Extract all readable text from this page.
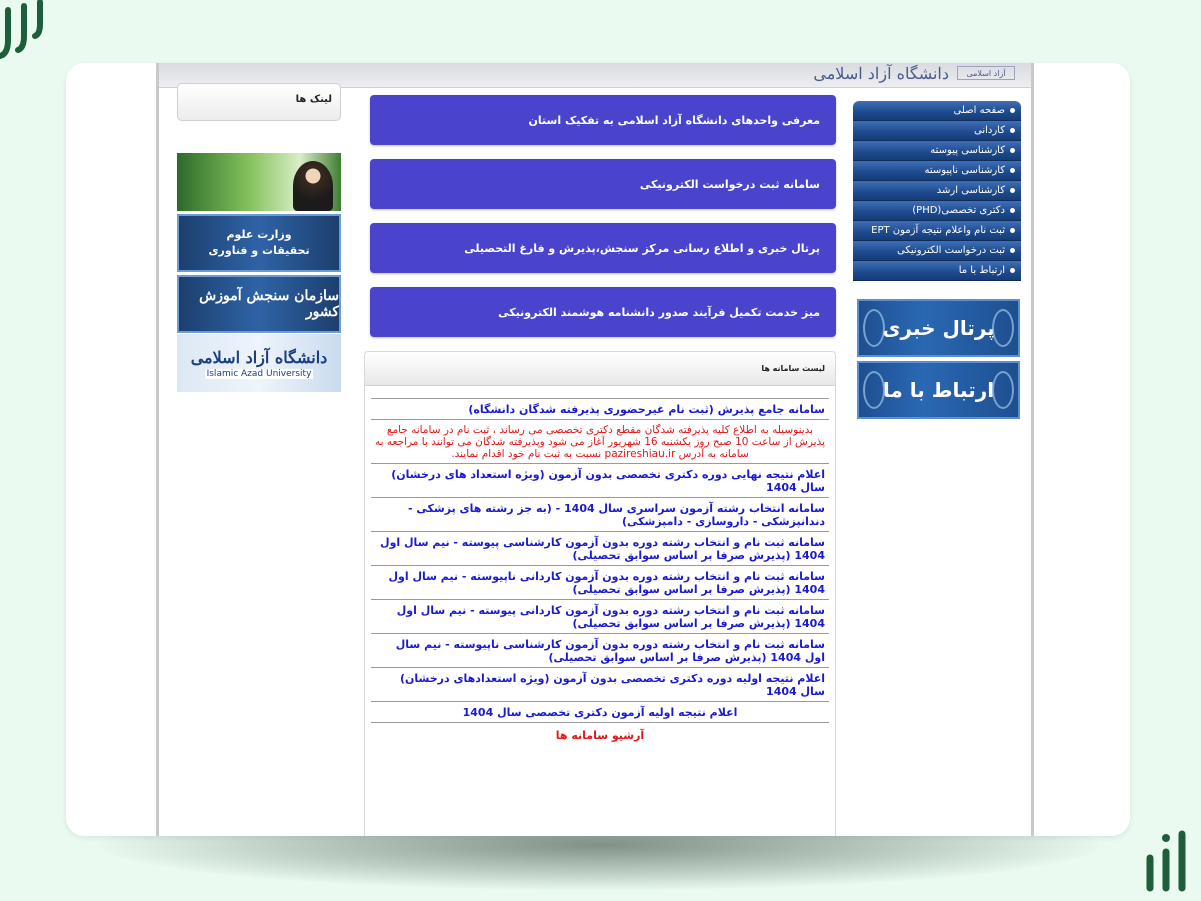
آزاد اسلامی
دانشگاه آزاد اسلامی
صفحه اصلی
کاردانی
کارشناسی پیوسته
کارشناسی ناپیوسته
کارشناسی ارشد
دکتری تخصصی(PHD)
ثبت نام واعلام نتیجه آزمون EPT
ثبت درخواست الکترونیکی
ارتباط با ما
پرتال خبری
ارتباط با ما
معرفی واحدهای دانشگاه آزاد اسلامی به تفکیک استان
سامانه ثبت درخواست الکترونیکی
پرتال خبری و اطلاع رسانی مرکز سنجش،پذیرش و فارغ التحصیلی
میز خدمت تکمیل فرآیند صدور دانشنامه هوشمند الکترونیکی
لیست سامانه ها
سامانه جامع پذیرش (ثبت نام غیرحضوری پذیرفته شدگان دانشگاه)
بدینوسیله به اطلاع کلیه پذیرفته شدگان مقطع دکتری تخصصی می رساند ، ثبت نام در سامانه جامع پذیرش از ساعت 10 صبح روز یکشنبه 16 شهریور آغاز می شود وپذیرفته شدگان می توانند با مراجعه به سامانه به آدرس pazireshiau.ir نسبت به ثبت نام خود اقدام نمایند.
اعلام نتیجه نهایی دوره دکتری تخصصی بدون آزمون (ویژه استعداد های درخشان) سال 1404
سامانه انتخاب رشته آزمون سراسری سال 1404 - (به جز رشته های پزشکی - دندانپزشکی - داروسازی - دامپزشکی)
سامانه ثبت نام و انتخاب رشته دوره بدون آزمون کارشناسی پیوسته - نیم سال اول 1404 (پذیرش صرفا بر اساس سوابق تحصیلی)
سامانه ثبت نام و انتخاب رشته دوره بدون آزمون کاردانی ناپیوسته - نیم سال اول 1404 (پذیرش صرفا بر اساس سوابق تحصیلی)
سامانه ثبت نام و انتخاب رشته دوره بدون آزمون کاردانی پیوسته - نیم سال اول 1404 (پذیرش صرفا بر اساس سوابق تحصیلی)
سامانه ثبت نام و انتخاب رشته دوره بدون آزمون کارشناسی ناپیوسته - نیم سال اول 1404 (پذیرش صرفا بر اساس سوابق تحصیلی)
اعلام نتیجه اولیه دوره دکتری تخصصی بدون آزمون (ویژه استعدادهای درخشان) سال 1404
اعلام نتیجه اولیه آزمون دکتری تخصصی سال 1404
آرشیو سامانه ها
لینک ها
وزارت علوم
تحقیقات و فناوری
سازمان سنجش آموزش کشور
دانشگاه آزاد اسلامی
Islamic Azad University
